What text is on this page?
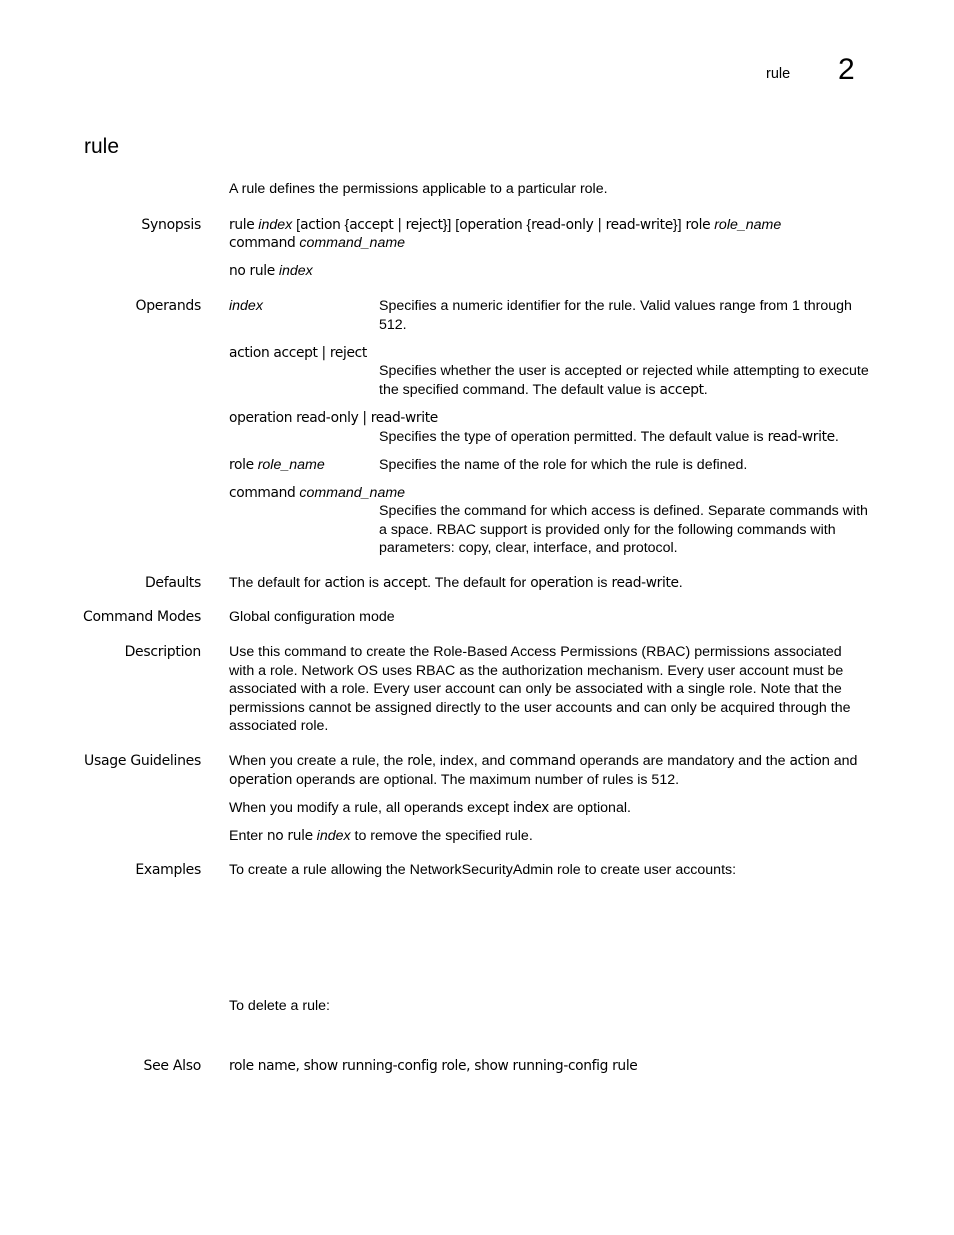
rule 2
rule
A rule defines the permissions applicable to a particular role.
Synopsis rule index [action {accept | reject}] [operation {read-only | read-write}] role role_name
command command_name
no rule index
Operands index	Specifies a numeric identifier for the rule. Valid values range from 1 through 512.
action accept | reject
Specifies whether the user is accepted or rejected while attempting to execute the specified command. The default value is accept.
operation read-only | read-write
Specifies the type of operation permitted. The default value is read-write.
role role_name	Specifies the name of the role for which the rule is defined.
command command_name
Specifies the command for which access is defined. Separate commands with a space. RBAC support is provided only for the following commands with parameters: copy, clear, interface, and protocol.
Defaults The default for action is accept. The default for operation is read-write.
Command Modes Global configuration mode
Description Use this command to create the Role-Based Access Permissions (RBAC) permissions associated with a role. Network OS uses RBAC as the authorization mechanism. Every user account must be associated with a role. Every user account can only be associated with a single role. Note that the permissions cannot be assigned directly to the user accounts and can only be acquired through the associated role.
Usage Guidelines When you create a rule, the role, index, and command operands are mandatory and the action and operation operands are optional. The maximum number of rules is 512.
When you modify a rule, all operands except index are optional.
Enter no rule index to remove the specified rule.
Examples To create a rule allowing the NetworkSecurityAdmin role to create user accounts:
To delete a rule:
See Also role name, show running-config role, show running-config rule
